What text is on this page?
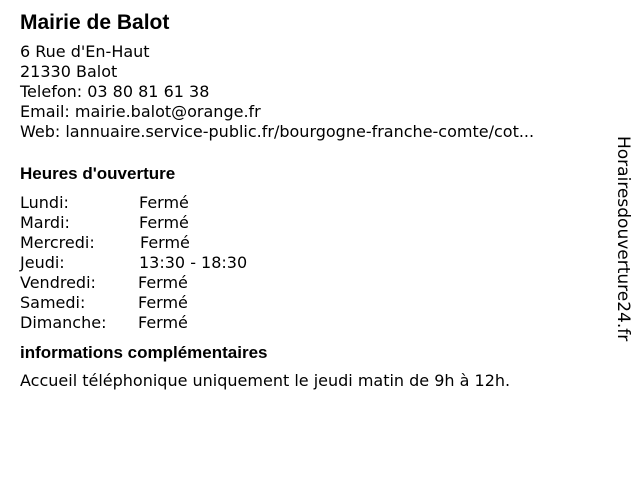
Mairie de Balot
6 Rue d'En-Haut
21330 Balot
Telefon: 03 80 81 61 38
Email: mairie.balot@orange.fr
Web: lannuaire.service-public.fr/bourgogne-franche-comte/cot...
Heures d'ouverture
Lundi:	Fermé
Mardi:	Fermé
Mercredi:	Fermé
Jeudi:	13:30 - 18:30
Vendredi:	Fermé
Samedi:	Fermé
Dimanche:	Fermé
informations complémentaires
Accueil téléphonique uniquement le jeudi matin de 9h à 12h.
Horairesdouverture24.fr
